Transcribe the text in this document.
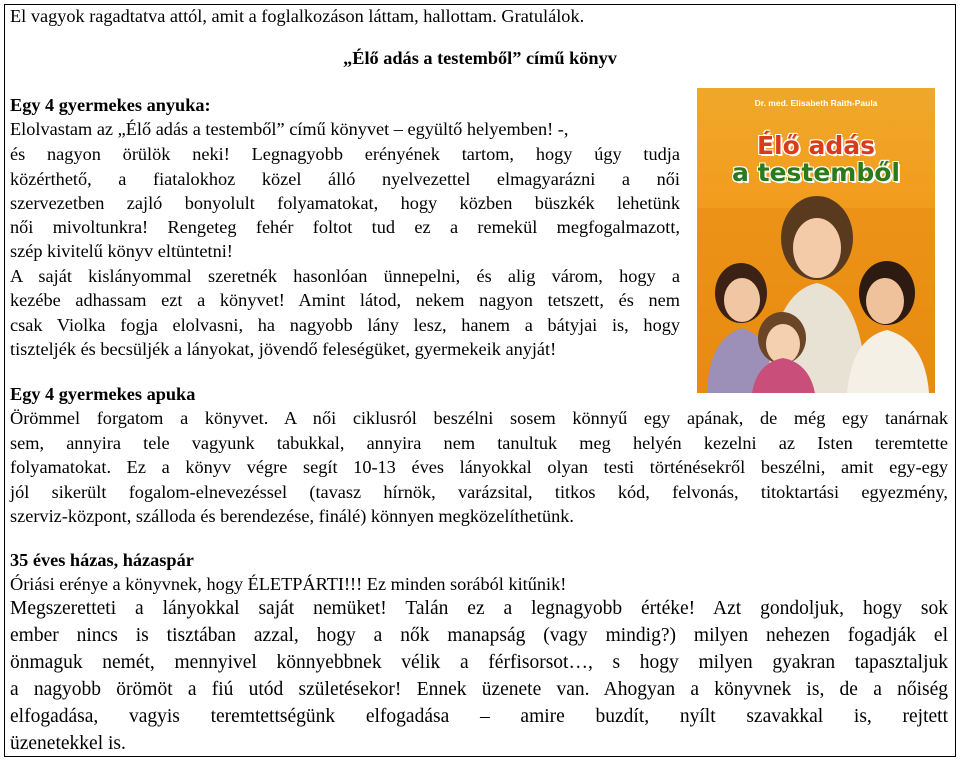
El vagyok ragadtatva attól, amit a foglalkozáson láttam, hallottam. Gratulálok.
„Élő adás a testemből” című könyv
Egy 4 gyermekes anyuka:
Elolvastam az „Élő adás a testemből” című könyvet – együltő helyemben! -,
és nagyon örülök neki! Legnagyobb erényének tartom, hogy úgy tudja
közérthető, a fiatalokhoz közel álló nyelvezettel elmagyarázni a női
szervezetben zajló bonyolult folyamatokat, hogy közben büszkék lehetünk
női mivoltunkra! Rengeteg fehér foltot tud ez a remekül megfogalmazott,
szép kivitelű könyv eltüntetni!
A saját kislányommal szeretnék hasonlóan ünnepelni, és alig várom, hogy a
kezébe adhassam ezt a könyvet! Amint látod, nekem nagyon tetszett, és nem
csak Violka fogja elolvasni, ha nagyobb lány lesz, hanem a bátyjai is, hogy
tiszteljék és becsüljék a lányokat, jövendő feleségüket, gyermekeik anyját!
Dr. med. Elisabeth Raith-Paula
Élő adás
a testemből
Egy 4 gyermekes apuka
Örömmel forgatom a könyvet. A női ciklusról beszélni sosem könnyű egy apának, de még egy tanárnak
sem, annyira tele vagyunk tabukkal, annyira nem tanultuk meg helyén kezelni az Isten teremtette
folyamatokat. Ez a könyv végre segít 10-13 éves lányokkal olyan testi történésekről beszélni, amit egy-egy
jól sikerült fogalom-elnevezéssel (tavasz hírnök, varázsital, titkos kód, felvonás, titoktartási egyezmény,
szerviz-központ, szálloda és berendezése, finálé) könnyen megközelíthetünk.
35 éves házas, házaspár
Óriási erénye a könyvnek, hogy ÉLETPÁRTI!!! Ez minden sorából kitűnik!
Megszeretteti a lányokkal saját nemüket! Talán ez a legnagyobb értéke! Azt gondoljuk, hogy sok
ember nincs is tisztában azzal, hogy a nők manapság (vagy mindig?) milyen nehezen fogadják el
önmaguk nemét, mennyivel könnyebbnek vélik a férfisorsot…, s hogy milyen gyakran tapasztaljuk
a nagyobb örömöt a fiú utód születésekor! Ennek üzenete van. Ahogyan a könyvnek is, de a nőiség
elfogadása, vagyis teremtettségünk elfogadása – amire buzdít, nyílt szavakkal is, rejtett
üzenetekkel is.
